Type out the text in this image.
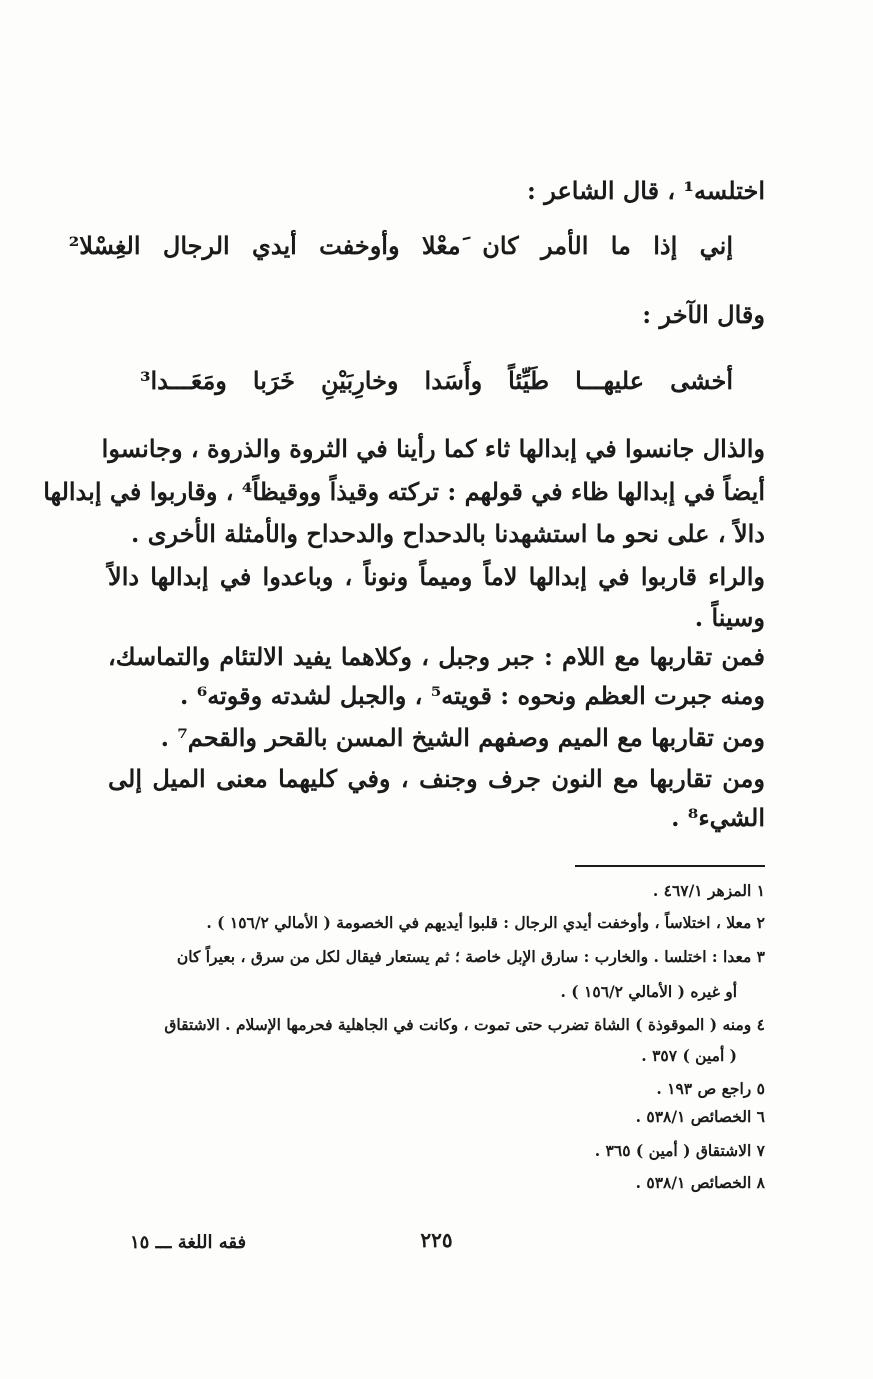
اختلسه¹ ، قال الشاعر :

إني إذا ما الأمر كان َمعْلا وأوخفت أيدي الرجال الغِسْلا²

وقال الآخر :

أخشى عليهـــا طَيِّئاً وأَسَدا وخارِبَيْنِ خَرَبا ومَعَـــدا³

والذال جانسوا في إبدالها ثاء كما رأينا في الثروة والذروة ، وجانسوا

أيضاً في إبدالها ظاء في قولهم : تركته وقيذاً ووقيظاً⁴ ، وقاربوا في إبدالها

دالاً ، على نحو ما استشهدنا بالدحداح والدحداح والأمثلة الأخرى .

والراء قاربوا في إبدالها لاماً وميماً ونوناً ، وباعدوا في إبدالها دالاً

وسيناً .

فمن تقاربها مع اللام : جبر وجبل ، وكلاهما يفيد الالتئام والتماسك،

ومنه جبرت العظم ونحوه : قويته⁵ ، والجبل لشدته وقوته⁶ .

ومن تقاربها مع الميم وصفهم الشيخ المسن بالقحر والقحم⁷ .

ومن تقاربها مع النون جرف وجنف ، وفي كليهما معنى الميل إلى

الشيء⁸ .

١ المزهر ٤٦٧/١ .

٢ معلا ، اختلاساً ، وأوخفت أيدي الرجال : قلبوا أيديهم في الخصومة ( الأمالي ١٥٦/٢ ) .

٣ معدا : اختلسا . والخارب : سارق الإبل خاصة ؛ ثم يستعار فيقال لكل من سرق ، بعيراً كان

أو غيره ( الأمالي ١٥٦/٢ ) .

٤ ومنه ( الموقوذة ) الشاة تضرب حتى تموت ، وكانت في الجاهلية فحرمها الإسلام . الاشتقاق

( أمين ) ٣٥٧ .

٥ راجع ص ١٩٣ .

٦ الخصائص ٥٣٨/١ .

٧ الاشتقاق ( أمين ) ٣٦٥ .

٨ الخصائص ٥٣٨/١ .

٢٢٥

فقه اللغة ـــ ١٥
